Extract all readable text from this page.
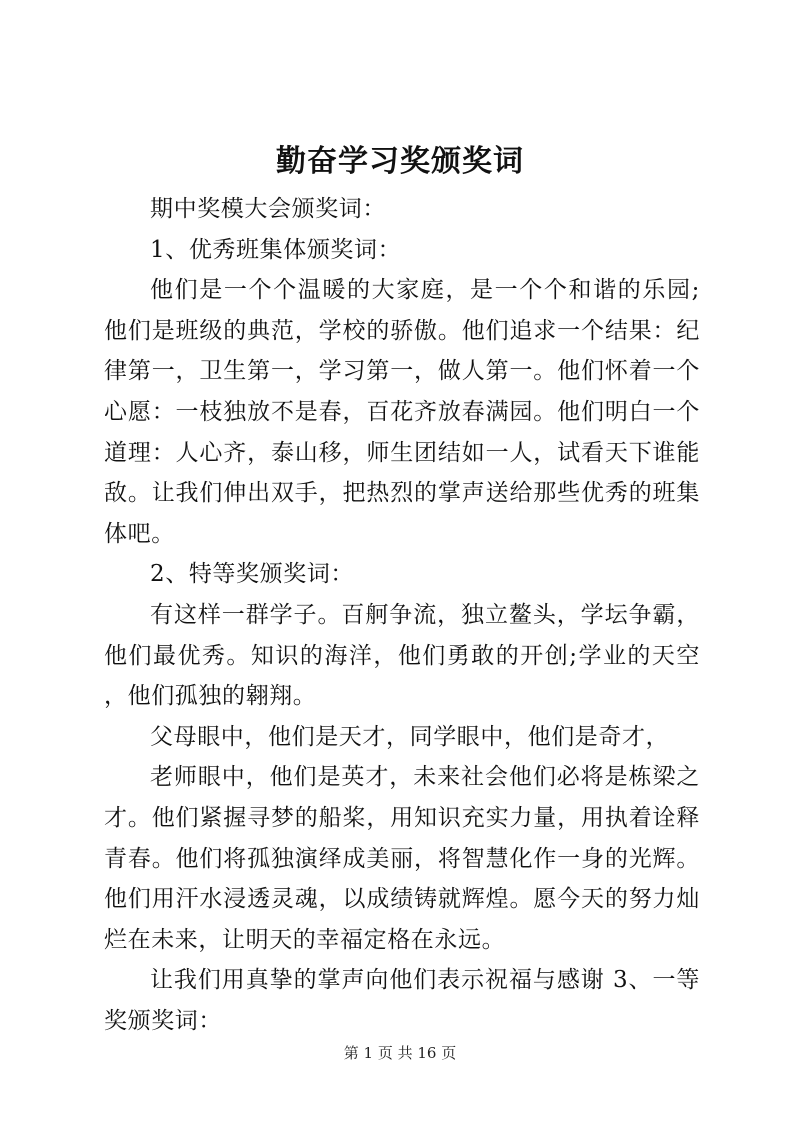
勤奋学习奖颁奖词

期中奖模大会颁奖词：

1、优秀班集体颁奖词：

他们是一个个温暖的大家庭，是一个个和谐的乐园;他们是班级的典范，学校的骄傲。他们追求一个结果：纪律第一，卫生第一，学习第一，做人第一。他们怀着一个心愿：一枝独放不是春，百花齐放春满园。他们明白一个道理：人心齐，泰山移，师生团结如一人，试看天下谁能敌。让我们伸出双手，把热烈的掌声送给那些优秀的班集体吧。

2、特等奖颁奖词：

有这样一群学子。百舸争流，独立鳌头，学坛争霸，他们最优秀。知识的海洋，他们勇敢的开创;学业的天空，他们孤独的翱翔。

父母眼中，他们是天才，同学眼中，他们是奇才，

老师眼中，他们是英才，未来社会他们必将是栋梁之才。他们紧握寻梦的船桨，用知识充实力量，用执着诠释青春。他们将孤独演绎成美丽，将智慧化作一身的光辉。他们用汗水浸透灵魂，以成绩铸就辉煌。愿今天的努力灿烂在未来，让明天的幸福定格在永远。

让我们用真挚的掌声向他们表示祝福与感谢 3、一等奖颁奖词：

第 1 页 共 16 页
